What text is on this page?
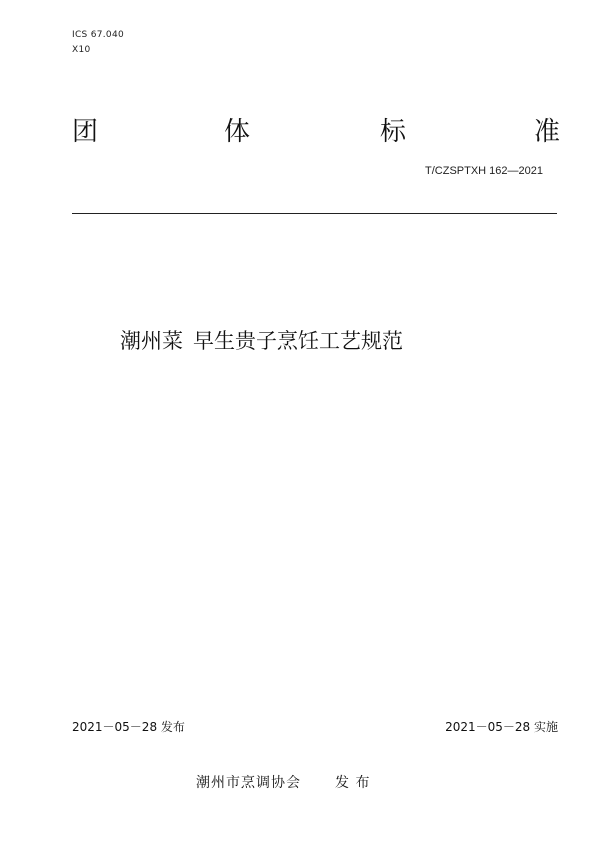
ICS 67.040
X10
团	体	标	准
T/CZSPTXH 162—2021
潮州菜 早生贵子烹饪工艺规范
2021－05－28 发布	2021－05－28 实施
潮州市烹调协会 发 布
